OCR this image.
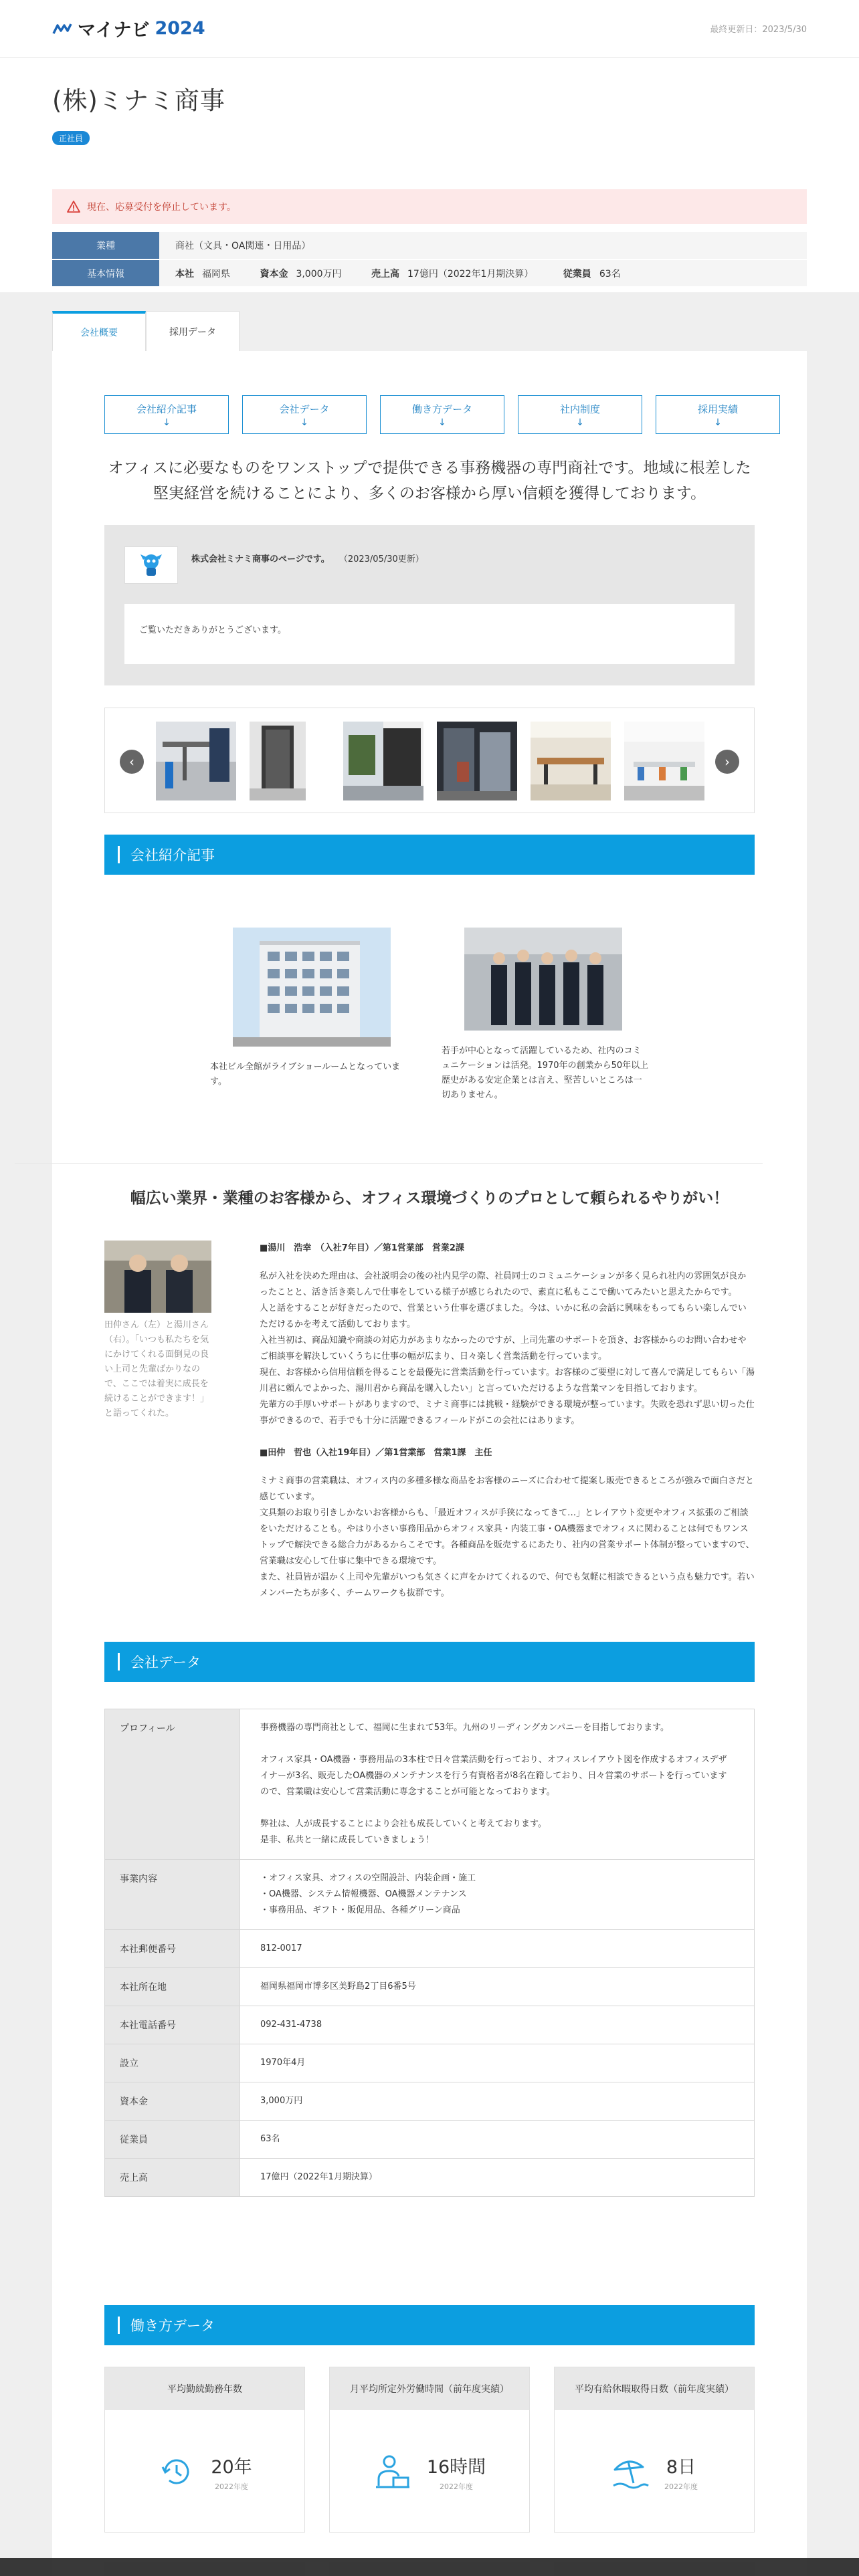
マイナビ 2024	最終更新日：2023/5/30
(株)ミナミ商事
正社員
現在、応募受付を停止しています。
業種	商社（文具・OA関連・日用品）
基本情報	本社 福岡県 資本金 3,000万円 売上高 17億円（2022年1月期決算） 従業員 63名
会社概要	採用データ
会社紹介記事
↓
会社データ
↓
働き方データ
↓
社内制度
↓
採用実績
↓

オフィスに必要なものをワンストップで提供できる事務機器の専門商社です。地域に根差した堅実経営を続けることにより、多くのお客様から厚い信頼を獲得しております。

株式会社ミナミ商事のページです。 （2023/05/30更新）
ご覧いただきありがとうございます。
‹	›
会社紹介記事
本社ビル全館がライブショールームとなっています。
若手が中心となって活躍しているため、社内のコミュニケーションは活発。1970年の創業から50年以上歴史がある安定企業とは言え、堅苦しいところは一切ありません。
幅広い業界・業種のお客様から、オフィス環境づくりのプロとして頼られるやりがい！

田仲さん（左）と湯川さん（右）。「いつも私たちを気にかけてくれる面倒見の良い上司と先輩ばかりなので、ここでは着実に成長を続けることができます！」と語ってくれた。

■湯川　浩幸　（入社7年目）／第1営業部　営業2課

私が入社を決めた理由は、会社説明会の後の社内見学の際、社員同士のコミュニケーションが多く見られ社内の雰囲気が良かったことと、活き活き楽しんで仕事をしている様子が感じられたので、素直に私もここで働いてみたいと思えたからです。

人と話をすることが好きだったので、営業という仕事を選びました。今は、いかに私の会話に興味をもってもらい楽しんでいただけるかを考えて活動しております。

入社当初は、商品知識や商談の対応力があまりなかったのですが、上司先輩のサポートを頂き、お客様からのお問い合わせやご相談事を解決していくうちに仕事の幅が広まり、日々楽しく営業活動を行っています。

現在、お客様から信用信頼を得ることを最優先に営業活動を行っています。お客様のご要望に対して喜んで満足してもらい「湯川君に頼んでよかった、湯川君から商品を購入したい」と言っていただけるような営業マンを目指しております。

先輩方の手厚いサポートがありますので、ミナミ商事には挑戦・経験ができる環境が整っています。失敗を恐れず思い切った仕事ができるので、若手でも十分に活躍できるフィールドがこの会社にはあります。

■田仲　哲也（入社19年目）／第1営業部　営業1課　主任

ミナミ商事の営業職は、オフィス内の多種多様な商品をお客様のニーズに合わせて提案し販売できるところが強みで面白さだと感じています。

文具類のお取り引きしかないお客様からも、「最近オフィスが手狭になってきて…」とレイアウト変更やオフィス拡張のご相談をいただけることも。やはり小さい事務用品からオフィス家具・内装工事・OA機器までオフィスに関わることは何でもワンストップで解決できる総合力があるからこそです。各種商品を販売するにあたり、社内の営業サポート体制が整っていますので、営業職は安心して仕事に集中できる環境です。

また、社員皆が温かく上司や先輩がいつも気さくに声をかけてくれるので、何でも気軽に相談できるという点も魅力です。若いメンバーたちが多く、チームワークも抜群です。

会社データ
プロフィール	事務機器の専門商社として、福岡に生まれて53年。九州のリーディングカンパニーを目指しております。
オフィス家具・OA機器・事務用品の3本柱で日々営業活動を行っており、オフィスレイアウト図を作成するオフィスデザイナーが3名、販売したOA機器のメンテナンスを行う有資格者が8名在籍しており、日々営業のサポートを行っていますので、営業職は安心して営業活動に専念することが可能となっております。
弊社は、人が成長することにより会社も成長していくと考えております。
是非、私共と一緒に成長していきましょう！

事業内容	・オフィス家具、オフィスの空間設計、内装企画・施工
・OA機器、システム情報機器、OA機器メンテナンス
・事務用品、ギフト・販促用品、各種グリーン商品

本社郵便番号	812-0017

本社所在地	福岡県福岡市博多区美野島2丁目6番5号

本社電話番号	092-431-4738

設立	1970年4月

資本金	3,000万円

従業員	63名

売上高	17億円（2022年1月期決算）
働き方データ
平均勤続勤務年数
20年
2022年度
月平均所定外労働時間（前年度実績）
16時間
2022年度
平均有給休暇取得日数（前年度実績）
8日
2022年度
